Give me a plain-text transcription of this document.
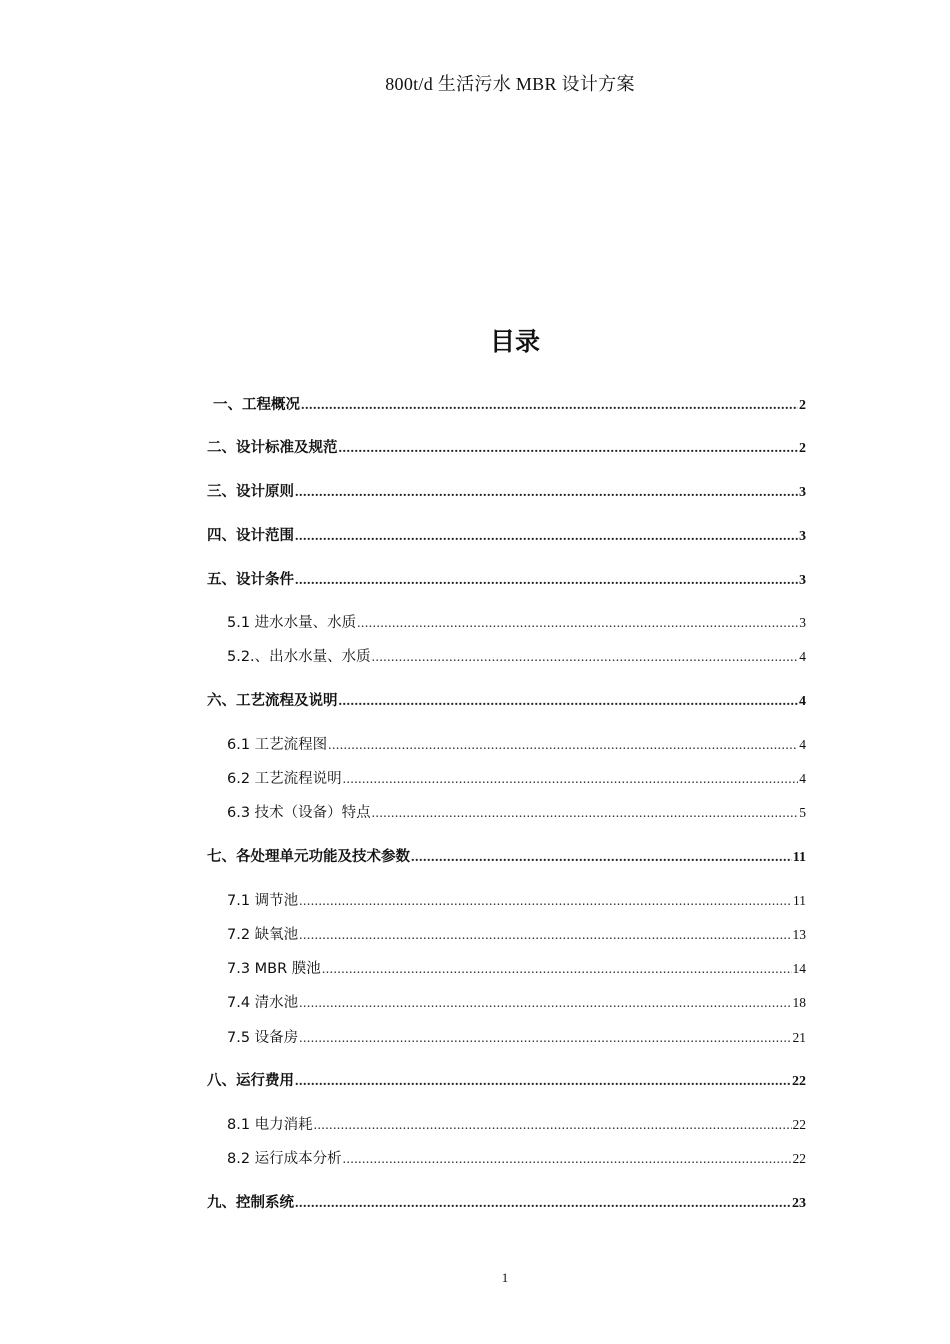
800t/d 生活污水 MBR 设计方案
目录
一、工程概况 .....	2
二、设计标准及规范 .....	2
三、设计原则 .....	3
四、设计范围 .....	3
五、设计条件 .....	3
5.1 进水水量、水质 .....	3
5.2.、出水水量、水质 .....	4
六、工艺流程及说明 .....	4
6.1 工艺流程图 .....	4
6.2 工艺流程说明 .....	4
6.3 技术（设备）特点 .....	5
七、各处理单元功能及技术参数 .....	11
7.1 调节池 .....	11
7.2 缺氧池 .....	13
7.3 MBR 膜池 .....	14
7.4 清水池 .....	18
7.5 设备房 .....	21
八、运行费用 .....	22
8.1 电力消耗 .....	22
8.2 运行成本分析 .....	22
九、控制系统 .....	23
1
